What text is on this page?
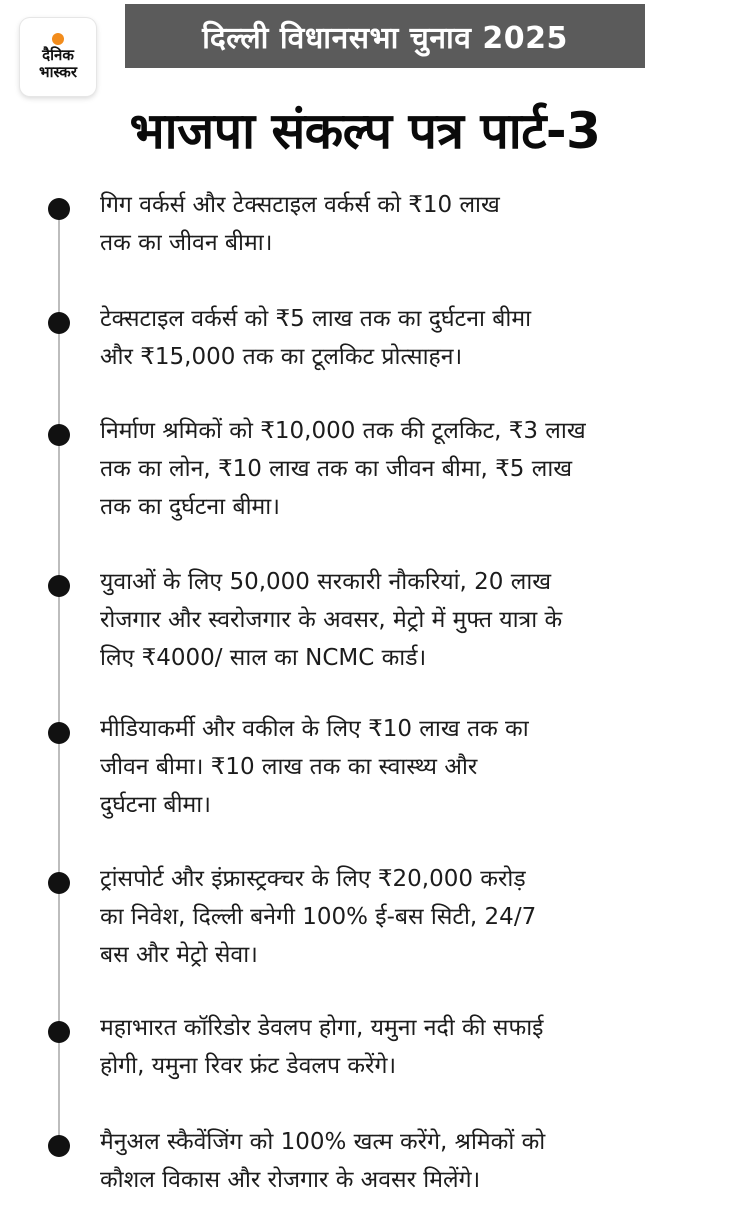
दैनिक
भास्कर
दिल्ली विधानसभा चुनाव 2025
भाजपा संकल्प पत्र पार्ट-3
गिग वर्कर्स और टेक्सटाइल वर्कर्स को ₹10 लाख
तक का जीवन बीमा।
टेक्सटाइल वर्कर्स को ₹5 लाख तक का दुर्घटना बीमा
और ₹15,000 तक का टूलकिट प्रोत्साहन।
निर्माण श्रमिकों को ₹10,000 तक की टूलकिट, ₹3 लाख
तक का लोन, ₹10 लाख तक का जीवन बीमा, ₹5 लाख
तक का दुर्घटना बीमा।
युवाओं के लिए 50,000 सरकारी नौकरियां, 20 लाख
रोजगार और स्वरोजगार के अवसर, मेट्रो में मुफ्त यात्रा के
लिए ₹4000/ साल का NCMC कार्ड।
मीडियाकर्मी और वकील के लिए ₹10 लाख तक का
जीवन बीमा। ₹10 लाख तक का स्वास्थ्य और
दुर्घटना बीमा।
ट्रांसपोर्ट और इंफ्रास्ट्रक्चर के लिए ₹20,000 करोड़
का निवेश, दिल्ली बनेगी 100% ई-बस सिटी, 24/7
बस और मेट्रो सेवा।
महाभारत कॉरिडोर डेवलप होगा, यमुना नदी की सफाई
होगी, यमुना रिवर फ्रंट डेवलप करेंगे।
मैनुअल स्कैवेंजिंग को 100% खत्म करेंगे, श्रमिकों को
कौशल विकास और रोजगार के अवसर मिलेंगे।
